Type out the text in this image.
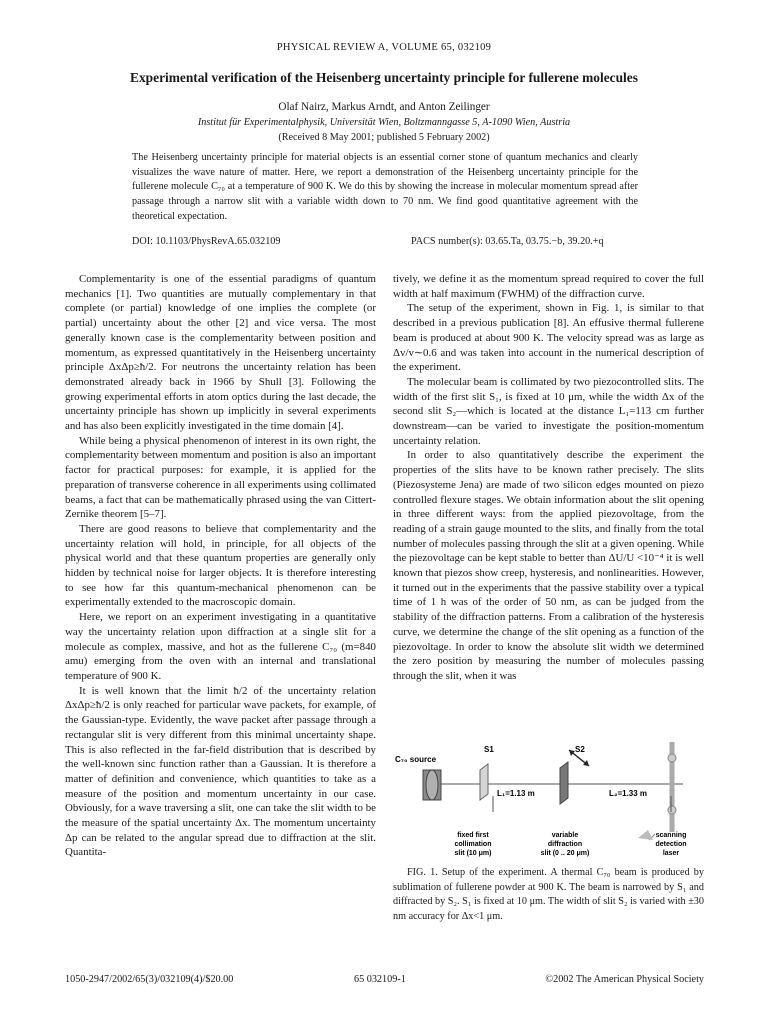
PHYSICAL REVIEW A, VOLUME 65, 032109
Experimental verification of the Heisenberg uncertainty principle for fullerene molecules
Olaf Nairz, Markus Arndt, and Anton Zeilinger
Institut für Experimentalphysik, Universität Wien, Boltzmanngasse 5, A-1090 Wien, Austria
(Received 8 May 2001; published 5 February 2002)
The Heisenberg uncertainty principle for material objects is an essential corner stone of quantum mechanics and clearly visualizes the wave nature of matter. Here, we report a demonstration of the Heisenberg uncertainty principle for the fullerene molecule C₇₀ at a temperature of 900 K. We do this by showing the increase in molecular momentum spread after passage through a narrow slit with a variable width down to 70 nm. We find good quantitative agreement with the theoretical expectation.
DOI: 10.1103/PhysRevA.65.032109	PACS number(s): 03.65.Ta, 03.75.−b, 39.20.+q

Complementarity is one of the essential paradigms of quantum mechanics [1]. Two quantities are mutually complementary in that complete (or partial) knowledge of one implies the complete (or partial) uncertainty about the other [2] and vice versa. The most generally known case is the complementarity between position and momentum, as expressed quantitatively in the Heisenberg uncertainty principle ΔxΔp≥ħ/2. For neutrons the uncertainty relation has been demonstrated already back in 1966 by Shull [3]. Following the growing experimental efforts in atom optics during the last decade, the uncertainty principle has shown up implicitly in several experiments and has also been explicitly investigated in the time domain [4].

While being a physical phenomenon of interest in its own right, the complementarity between momentum and position is also an important factor for practical purposes: for example, it is applied for the preparation of transverse coherence in all experiments using collimated beams, a fact that can be mathematically phrased using the van Cittert-Zernike theorem [5–7].

There are good reasons to believe that complementarity and the uncertainty relation will hold, in principle, for all objects of the physical world and that these quantum properties are generally only hidden by technical noise for larger objects. It is therefore interesting to see how far this quantum-mechanical phenomenon can be experimentally extended to the macroscopic domain.

Here, we report on an experiment investigating in a quantitative way the uncertainty relation upon diffraction at a single slit for a molecule as complex, massive, and hot as the fullerene C₇₀ (m=840 amu) emerging from the oven with an internal and translational temperature of 900 K.

It is well known that the limit ħ/2 of the uncertainty relation ΔxΔp≥ħ/2 is only reached for particular wave packets, for example, of the Gaussian-type. Evidently, the wave packet after passage through a rectangular slit is very different from this minimal uncertainty shape. This is also reflected in the far-field distribution that is described by the well-known sinc function rather than a Gaussian. It is therefore a matter of definition and convenience, which quantities to take as a measure of the position and momentum uncertainty in our case. Obviously, for a wave traversing a slit, one can take the slit width to be the measure of the spatial uncertainty Δx. The momentum uncertainty Δp can be related to the angular spread due to diffraction at the slit. Quantita-

tively, we define it as the momentum spread required to cover the full width at half maximum (FWHM) of the diffraction curve.

The setup of the experiment, shown in Fig. 1, is similar to that described in a previous publication [8]. An effusive thermal fullerene beam is produced at about 900 K. The velocity spread was as large as Δv/v∼0.6 and was taken into account in the numerical description of the experiment.

The molecular beam is collimated by two piezocontrolled slits. The width of the first slit S₁, is fixed at 10 μm, while the width Δx of the second slit S₂—which is located at the distance L₁=113 cm further downstream—can be varied to investigate the position-momentum uncertainty relation.

In order to also quantitatively describe the experiment the properties of the slits have to be known rather precisely. The slits (Piezosysteme Jena) are made of two silicon edges mounted on piezo controlled flexure stages. We obtain information about the slit opening in three different ways: from the applied piezovoltage, from the reading of a strain gauge mounted to the slits, and finally from the total number of molecules passing through the slit at a given opening. While the piezovoltage can be kept stable to better than ΔU/U <10⁻⁴ it is well known that piezos show creep, hysteresis, and nonlinearities. However, it turned out in the experiments that the passive stability over a typical time of 1 h was of the order of 50 nm, as can be judged from the stability of the diffraction patterns. From a calibration of the hysteresis curve, we determine the change of the slit opening as a function of the piezovoltage. In order to know the absolute slit width we determined the zero position by measuring the number of molecules passing through the slit, when it was

C₇₀ source
S1	S2
L₁=1.13 m	L₂=1.33 m
fixed first
collimation
slit (10 μm)
variable
diffraction
slit (0 .. 20 μm)
scanning
detection
laser

FIG. 1. Setup of the experiment. A thermal C₇₀ beam is produced by sublimation of fullerene powder at 900 K. The beam is narrowed by S₁ and diffracted by S₂. S₁ is fixed at 10 μm. The width of slit S₂ is varied with ±30 nm accuracy for Δx<1 μm.

1050-2947/2002/65(3)/032109(4)/$20.00	65 032109-1	©2002 The American Physical Society
